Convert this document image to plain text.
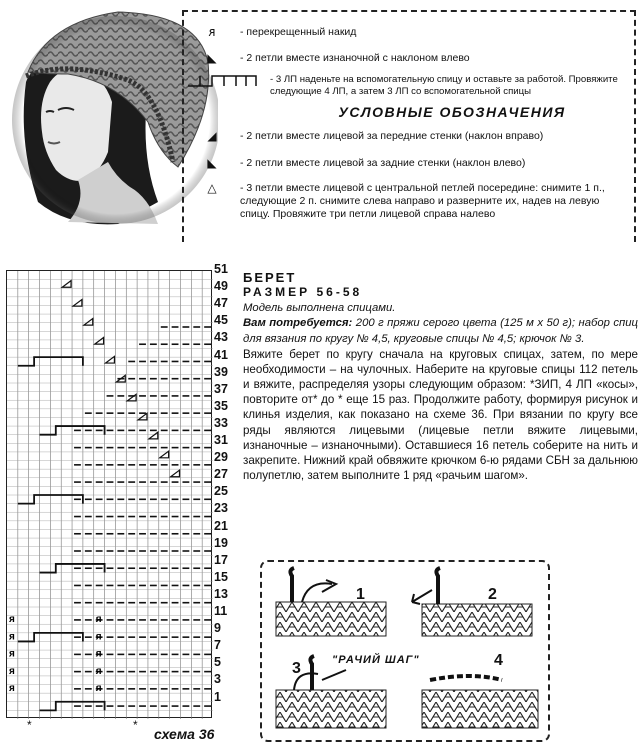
ᴙ	- перекрещенный накид
◣	- 2 петли вместе изнаночной с наклоном влево
- 3 ЛП наденьте на вспомогательную спицу и оставьте за работой. Провяжите следующие 4 ЛП, а затем 3 ЛП со вспомогательной спицы
УСЛОВНЫЕ ОБОЗНАЧЕНИЯ
◢	- 2 петли вместе лицевой за передние стенки (наклон вправо)
◣	- 2 петли вместе лицевой за задние стенки (наклон влево)
△	- 3 петли вместе лицевой с центральной петлей посередине: снимите 1 п., следующие 2 п. снимите слева направо и разверните их, надев на левую спицу. Провяжите три петли лицевой справа налево
ᴙ	ᴙ
ᴙ	ᴙ
ᴙ	ᴙ
ᴙ	ᴙ
ᴙ	ᴙ
51
49
47
45
43
41
39
37
35
33
31
29
27
25
23
21
19
17
15
13
11
9
7
5
3
1
*	*
схема 36
БЕРЕТ
РАЗМЕР 56-58
Модель выполнена спицами.
Вам потребуется: 200 г пряжи серого цвета (125 м х 50 г); набор спиц для вязания по кругу № 4,5, круговые спицы № 4,5; крючок № 3.
Вяжите берет по кругу сначала на круговых спицах, затем, по мере необходимости – на чулочных. Наберите на круговые спицы 112 петель и вяжите, распределяя узоры следующим образом: *ЗИП, 4 ЛП «косы», повторите от* до * еще 15 раз. Продолжите работу, формируя рисунок и клинья изделия, как показано на схеме 36. При вязании по кругу все ряды являются лицевыми (лицевые петли вяжите лицевыми, изнаночные – изнаночными). Оставшиеся 16 петель соберите на нить и закрепите. Нижний край обвяжите крючком 6-ю рядами СБН за дальнюю полупетлю, затем выполните 1 ряд «рачьим шагом».
1	2
3	4
"РАЧИЙ ШАГ"
